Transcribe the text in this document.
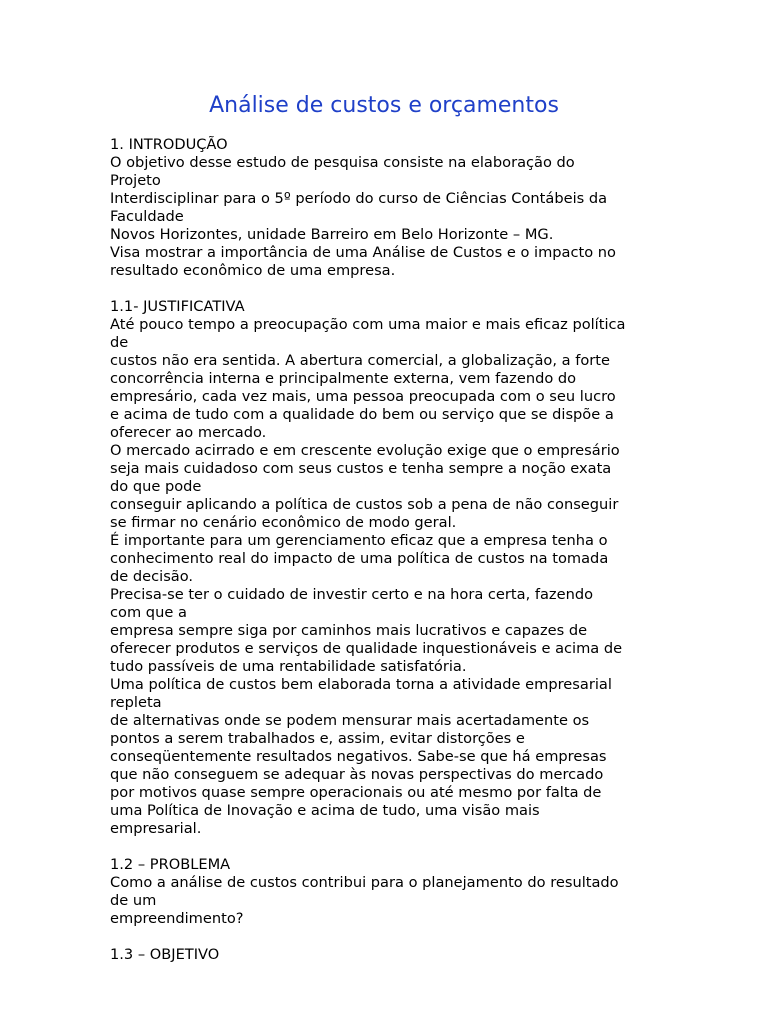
Análise de custos e orçamentos
1. INTRODUÇÃO
O objetivo desse estudo de pesquisa consiste na elaboração do
Projeto
Interdisciplinar para o 5º período do curso de Ciências Contábeis da
Faculdade
Novos Horizontes, unidade Barreiro em Belo Horizonte – MG.
Visa mostrar a importância de uma Análise de Custos e o impacto no
resultado econômico de uma empresa.
1.1- JUSTIFICATIVA
Até pouco tempo a preocupação com uma maior e mais eficaz política
de
custos não era sentida. A abertura comercial, a globalização, a forte
concorrência interna e principalmente externa, vem fazendo do
empresário, cada vez mais, uma pessoa preocupada com o seu lucro
e acima de tudo com a qualidade do bem ou serviço que se dispõe a
oferecer ao mercado.
O mercado acirrado e em crescente evolução exige que o empresário
seja mais cuidadoso com seus custos e tenha sempre a noção exata
do que pode
conseguir aplicando a política de custos sob a pena de não conseguir
se firmar no cenário econômico de modo geral.
É importante para um gerenciamento eficaz que a empresa tenha o
conhecimento real do impacto de uma política de custos na tomada
de decisão.
Precisa-se ter o cuidado de investir certo e na hora certa, fazendo
com que a
empresa sempre siga por caminhos mais lucrativos e capazes de
oferecer produtos e serviços de qualidade inquestionáveis e acima de
tudo passíveis de uma rentabilidade satisfatória.
Uma política de custos bem elaborada torna a atividade empresarial
repleta
de alternativas onde se podem mensurar mais acertadamente os
pontos a serem trabalhados e, assim, evitar distorções e
conseqüentemente resultados negativos. Sabe-se que há empresas
que não conseguem se adequar às novas perspectivas do mercado
por motivos quase sempre operacionais ou até mesmo por falta de
uma Política de Inovação e acima de tudo, uma visão mais
empresarial.
1.2 – PROBLEMA
Como a análise de custos contribui para o planejamento do resultado
de um
empreendimento?
1.3 – OBJETIVO
